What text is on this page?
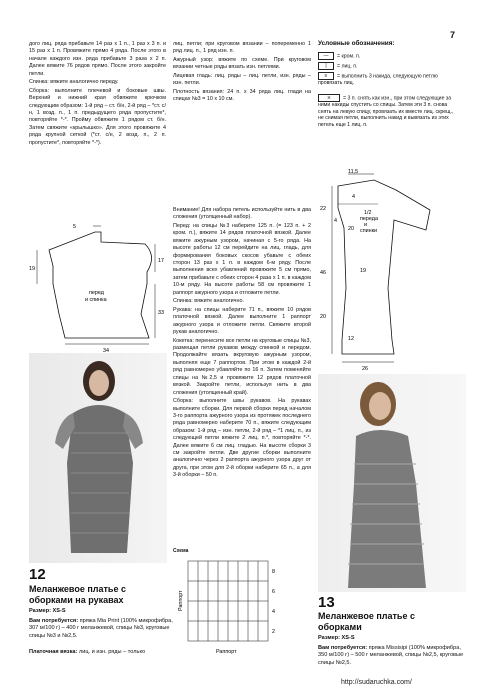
7

дого лиц. ряда прибавьте 14 раз x 1 п., 1 раз x 3 п. и 15 раз x 1 п. Провяжите прямо 4 ряда. После этого в начале каждого изн. ряда прибавьте 3 раза x 2 п. Далее вяжите 76 рядов прямо. После этого закройте петли.

Спинка: вяжите аналогично переду.

Сборка: выполните плечевой и боковые швы. Верхний и нижний края обвяжите крючком следующим образом: 1-й ряд – ст. б/н, 2-й ряд – *ст. с/н, 1 возд. п., 1 п. предыдущего ряда пропустите*, повторяйте *-*. Пройму обвяжите 1 рядом ст. б/н. Затем свяжите «крылышко». Для этого провяжите 4 ряда крупной сеткой (*ст. с/н, 2 возд. п., 2 п. пропустите*, повторяйте *-*).

лиц. петли; при круговом вязании – попеременно 1 ряд лиц. п., 1 ряд изн. п.

Ажурный узор: вяжите по схеме. При круговом вязании четные ряды вязать изн. петлями.

Лицевая гладь: лиц. ряды – лиц. петли, изн. ряды – изн. петли.

Плотность вязания: 24 п. x 34 ряда лиц. глади на спицах №3 = 10 x 10 см.

Внимание! Для набора петель используйте нить в два сложения (утолщенный набор).

Перед: на спицы №3 наберите 125 п. (= 123 п. + 2 кром. п.), вяжите 14 рядов платочной вязкой. Далее вяжите ажурным узором, начиная с 5-го ряда. На высоте работы 12 см перейдите на лиц. гладь, для формирования боковых скосов убавьте с обеих сторон 13 раз x 1 п. в каждом 6-м ряду. После выполнения всех убавлений провяжите 5 см прямо, затем прибавьте с обеих сторон 4 раза x 1 п. в каждом 10-м ряду. На высоте работы 58 см провяжите 1 раппорт ажурного узора и отложите петли.

Спинка: вяжите аналогично.

Рукава: на спицы наберите 71 п., вяжите 10 рядов платочной вязкой. Далее выполните 1 раппорт ажурного узора и отложите петли. Свяжите второй рукав аналогично.

Кокетка: перенесите все петли на круговые спицы №3, размещая петли рукавов между спинкой и передом. Продолжайте вязать вкруговую ажурным узором, выполняя еще 7 раппортов. При этом в каждой 2-й ряд равномерно убавляйте по 16 п. Затем поменяйте спицы на №2,5 и провяжите 12 рядов платочной вязкой. Закройте петли, используя нить в два сложения (утолщенный край).

Сборка: выполните швы рукавов. На рукавах выполните сборки. Для первой сборки перед началом 3-го раппорта ажурного узора из протяжек последнего ряда равномерно наберите 70 п., вяжите следующим образом: 1-й ряд – изн. петли, 2-й ряд – *1 лиц. п., из следующей петли вяжите 2 лиц. п.*, повторяйте *-*. Далее вяжите 6 см лиц. гладью. На высоте сборки 3 см закройте петли. Две другие сборки выполните аналогично через 2 раппорта ажурного узора друг от друга, при этом для 2-й оборки наберите 65 п., а для 3-й оборки – 50 п.

Условные обозначения:
— = кром. п.
| = лиц. п.
≡ = выполнить 3 накида, следующую петлю провязать лиц.
⨯ = 3 п. снять как изн., при этом следующие за ними накиды спустить со спицы. Затем эти 3 п. снова снять на левую спицу, провязать их вместе лиц. скрещ., не снимая петли, выполнить накид и вывязать из этих петель еще 1 лиц. п.
5
19
17
33
34
перед
и спинка
11,5
4
22
4
46	19
26
20
20
12
1/2
переда
и
спинки
12
Меланжевое платье с оборками на рукавах
Размер: XS-S
Вам потребуется: пряжа Mia Print (100% микрофибра, 307 м/100 г) – 400 г меланжевой, спицы №3, круговые спицы №3 и №2,5.
Платочная вязка: лиц. и изн. ряды – только
Схема
Раппорт
8
6
4
2
Раппорт
13
Меланжевое платье с оборками
Размер: XS-S
Вам потребуется: пряжа Missisipi (100% микрофибра, 350 м/100 г) – 500 г меланжевой, спицы №2,5, круговые спицы №2,5.
http://sudaruchka.com/
